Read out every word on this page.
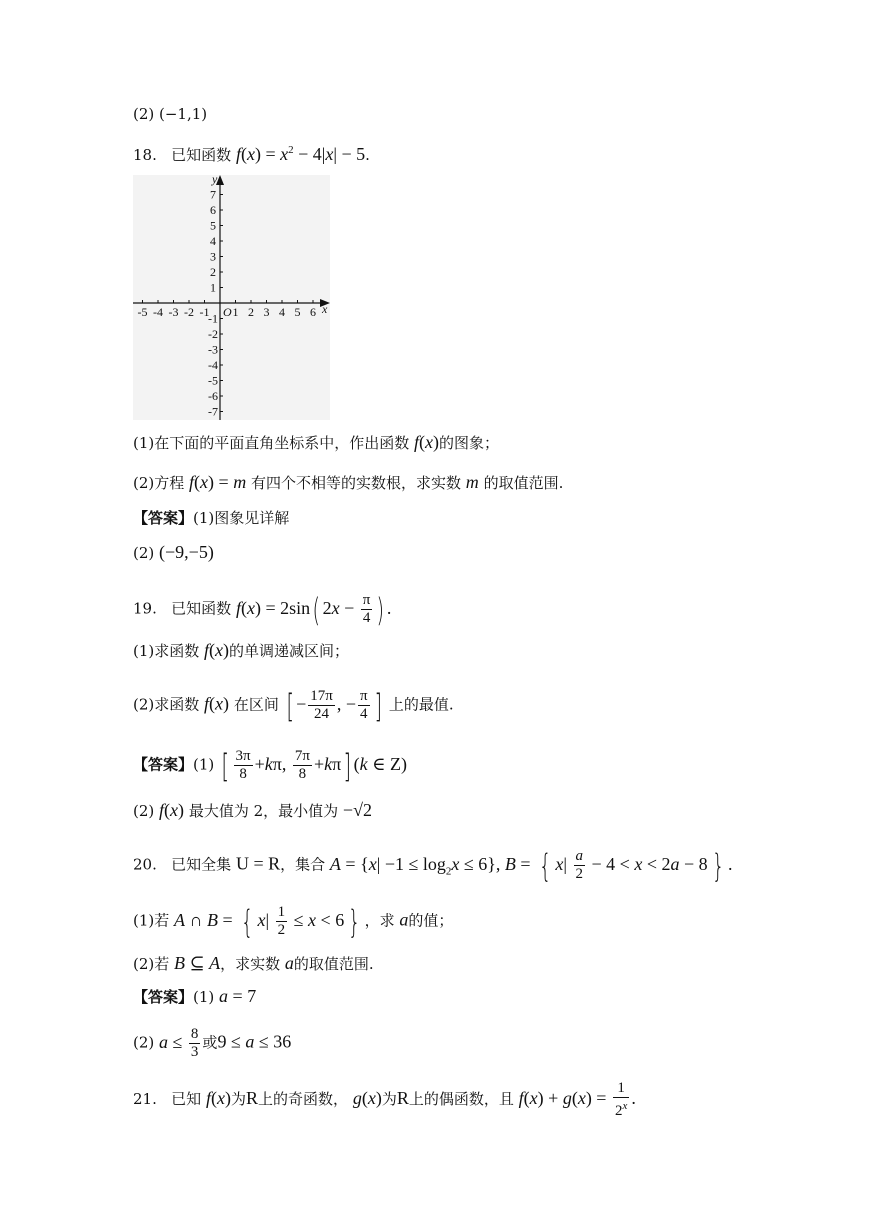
(2) (−1,1)
18. 已知函数 $f(x) = x^2 - 4|x| - 5$.
-5 -4 -3 -2 -1 1 2 3 4 5 6
1
2
3
4
5
6
7
-1
-2
-3
-4
-5
-6
-7
O	x
y
(1)在下面的平面直角坐标系中，作出函数 f(x)的图象；
(2)方程 f(x) = m 有四个不相等的实数根，求实数 m 的取值范围.
【答案】(1)图象见详解
(2) (−9,−5)
19. 已知函数 f(x) = 2sin( $2x - \frac{\pi}{4}$ ) .
(1)求函数 f(x)的单调递减区间；
(2)求函数 f(x) 在区间 [ − $\frac{17\pi}{24}$ , − $\frac{\pi}{4}$ ] 上的最值.
【答案】(1) [ $\frac{3\pi}{8} +k\pi$, $\frac{7\pi}{8} +k\pi$] (k ∈ Z)
(2) f(x) 最大值为 2，最小值为 −√2
20. 已知全集 U = R，集合 $A = \{x| -1 \le \log_2x \le 6\}$, B = { $x| \frac{a}{2} - 4 < x < 2a - 8$ } .
(1)若 A ∩ B = { $x| \frac{1}{2} \le x < 6$ } ，求 a的值；
(2)若 B ⊆ A，求实数 a的取值范围.
【答案】(1) a = 7
(2) $a \le \frac{8}{3}$ 或9 ≤ a ≤ 36
21. 已知 f(x)为R上的奇函数， g(x)为R上的偶函数，且 $f(x) + g(x) = \frac{1}{2^x}$ .
